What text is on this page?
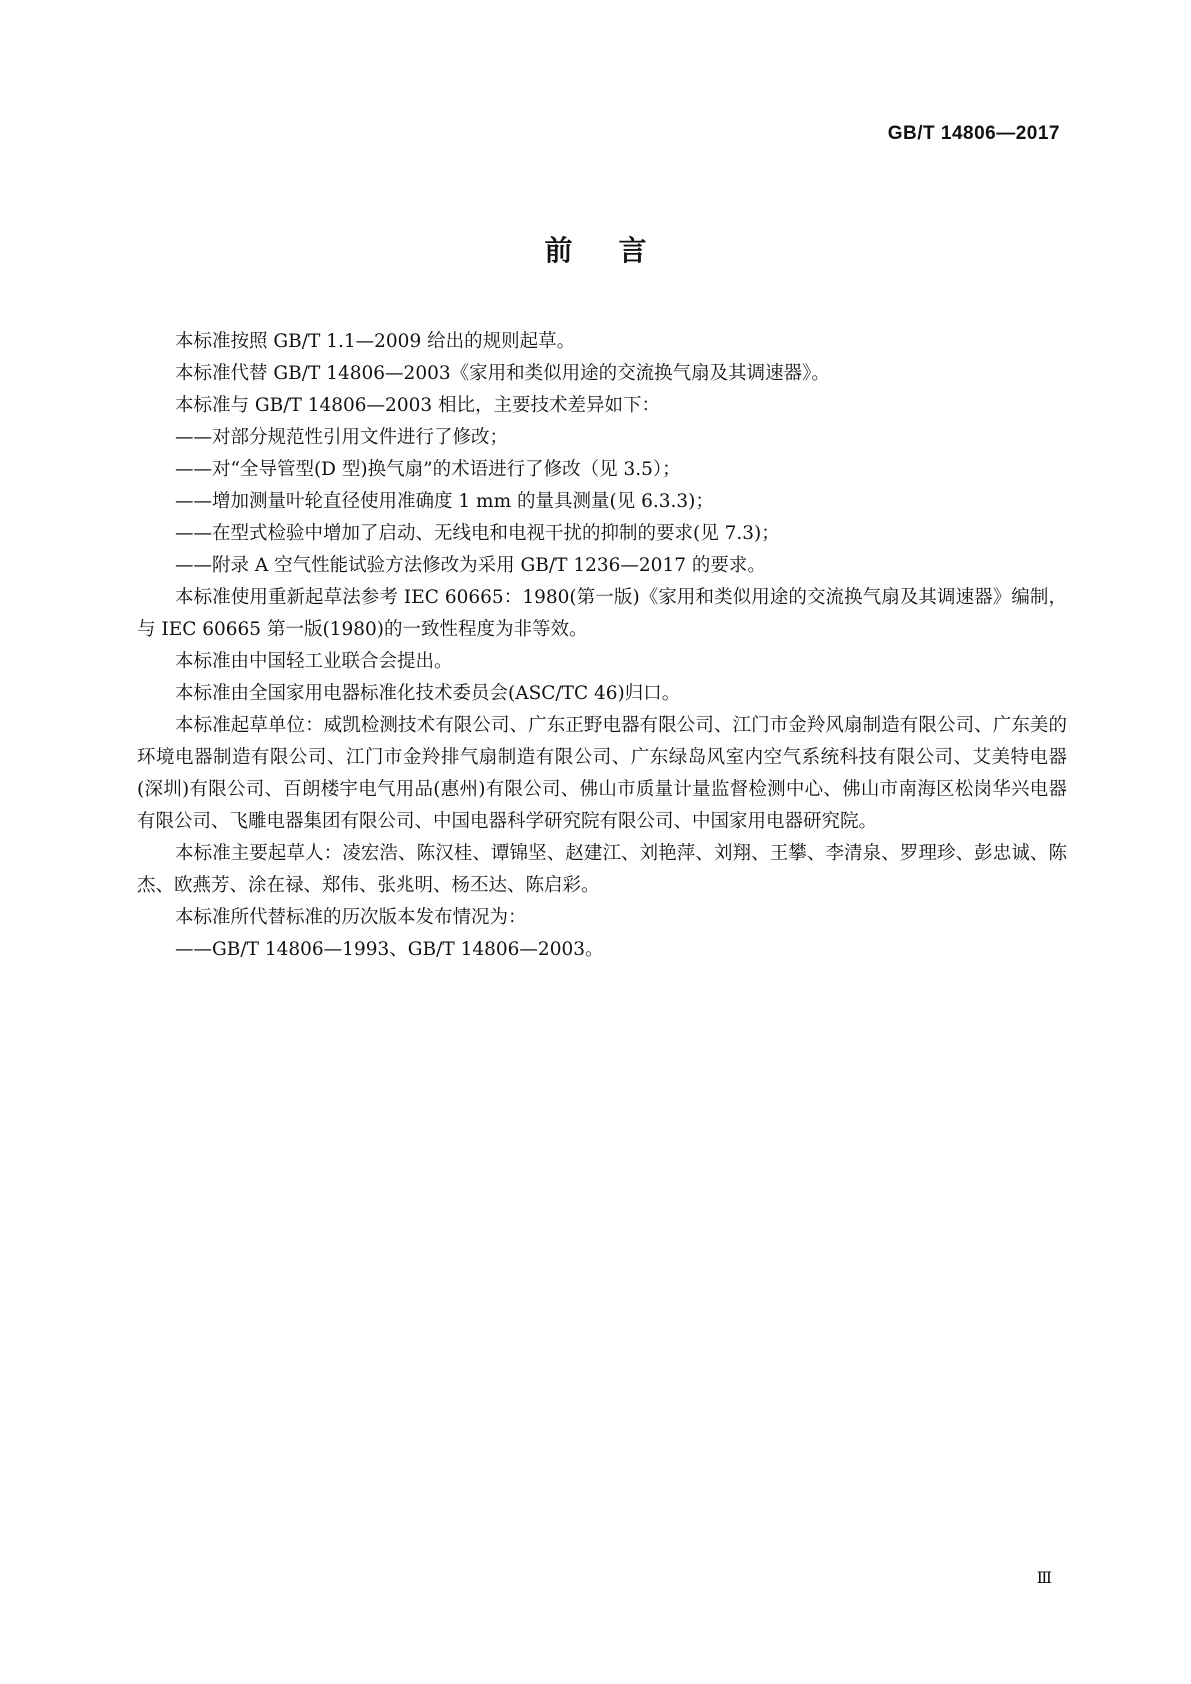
GB/T 14806—2017
前言

本标准按照 GB/T 1.1—2009 给出的规则起草。

本标准代替 GB/T 14806—2003《家用和类似用途的交流换气扇及其调速器》。

本标准与 GB/T 14806—2003 相比，主要技术差异如下：

——对部分规范性引用文件进行了修改；

——对“全导管型(D 型)换气扇”的术语进行了修改（见 3.5）；

——增加测量叶轮直径使用准确度 1 mm 的量具测量(见 6.3.3)；

——在型式检验中增加了启动、无线电和电视干扰的抑制的要求(见 7.3)；

——附录 A 空气性能试验方法修改为采用 GB/T 1236—2017 的要求。

本标准使用重新起草法参考 IEC 60665：1980(第一版)《家用和类似用途的交流换气扇及其调速器》编制，与 IEC 60665 第一版(1980)的一致性程度为非等效。

本标准由中国轻工业联合会提出。

本标准由全国家用电器标准化技术委员会(ASC/TC 46)归口。

本标准起草单位：威凯检测技术有限公司、广东正野电器有限公司、江门市金羚风扇制造有限公司、广东美的环境电器制造有限公司、江门市金羚排气扇制造有限公司、广东绿岛风室内空气系统科技有限公司、艾美特电器(深圳)有限公司、百朗楼宇电气用品(惠州)有限公司、佛山市质量计量监督检测中心、佛山市南海区松岗华兴电器有限公司、飞雕电器集团有限公司、中国电器科学研究院有限公司、中国家用电器研究院。

本标准主要起草人：凌宏浩、陈汉桂、谭锦坚、赵建江、刘艳萍、刘翔、王攀、李清泉、罗理珍、彭忠诚、陈杰、欧燕芳、涂在禄、郑伟、张兆明、杨丕达、陈启彩。

本标准所代替标准的历次版本发布情况为：

——GB/T 14806—1993、GB/T 14806—2003。

Ⅲ
